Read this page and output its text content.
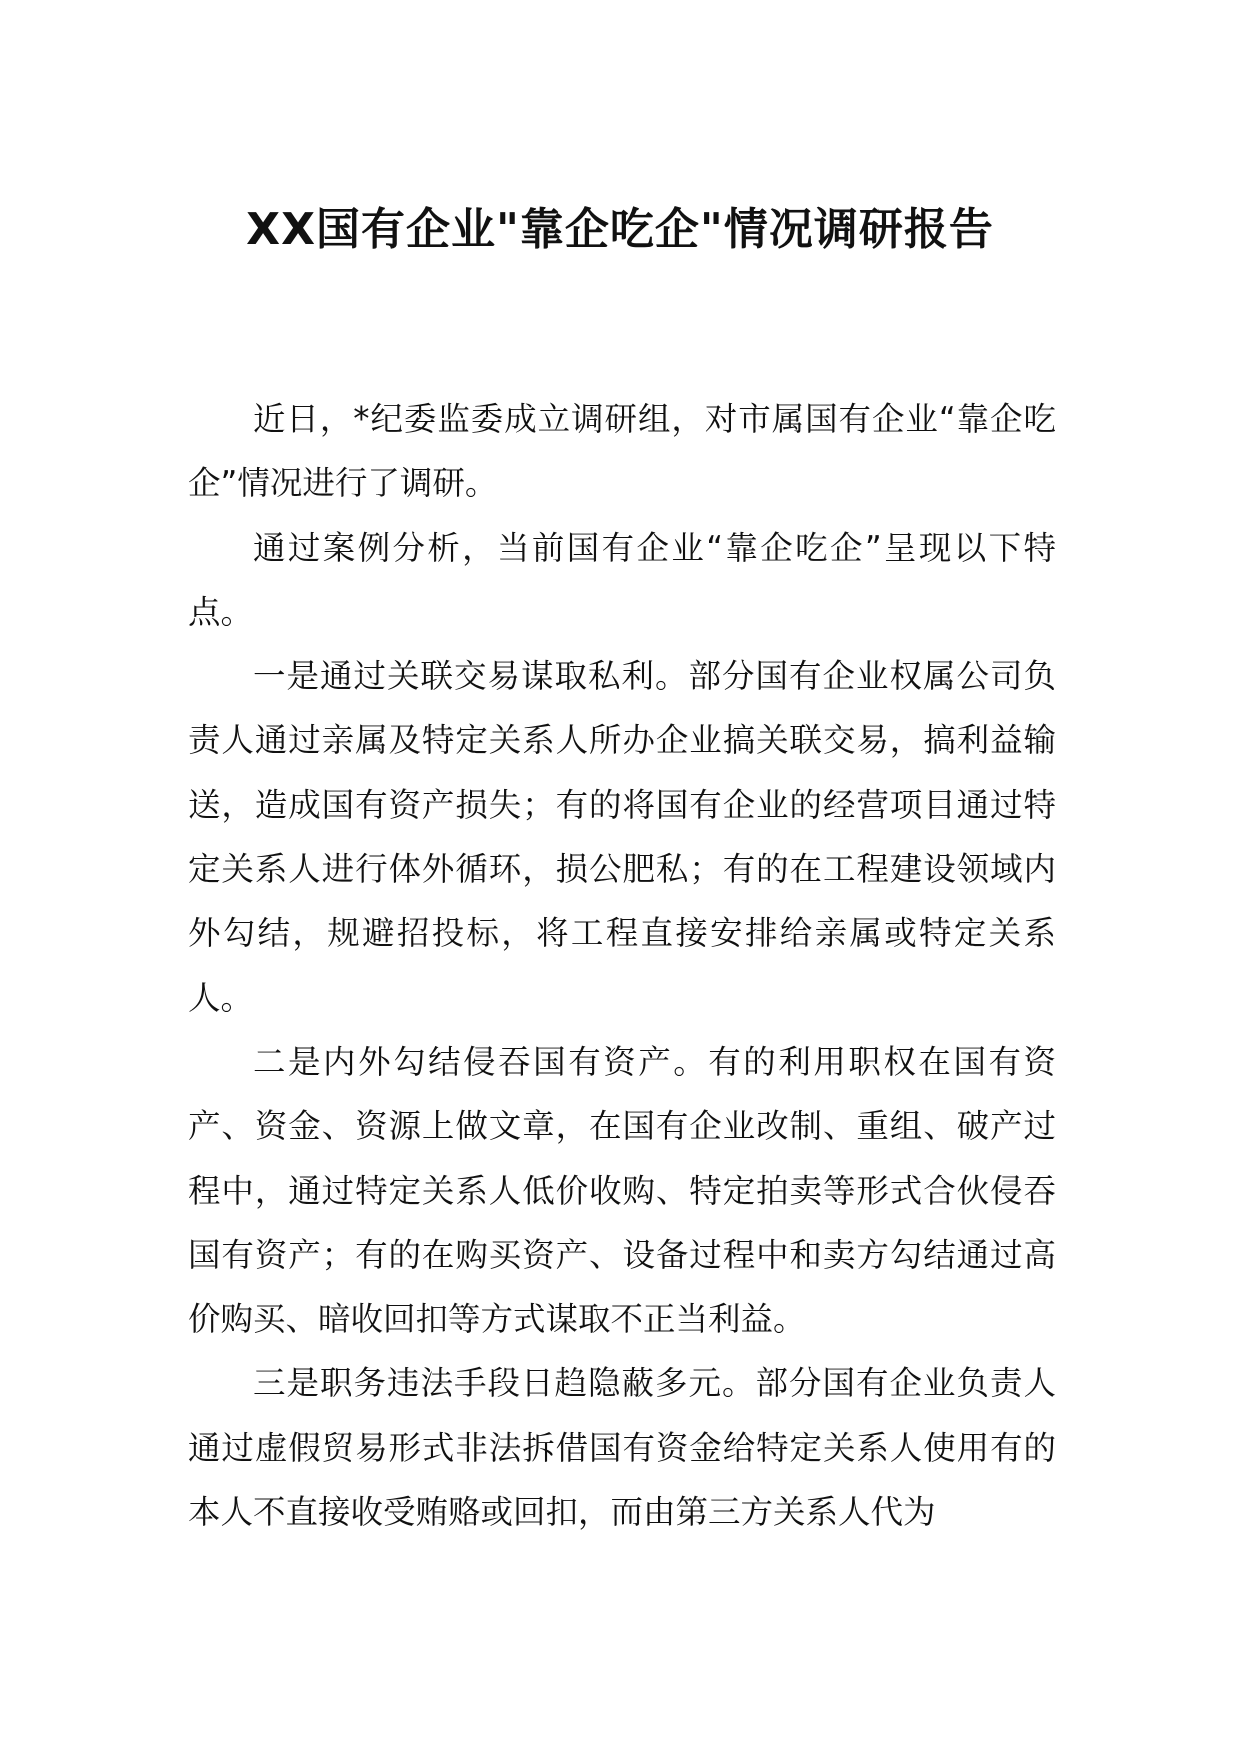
XX国有企业"靠企吃企"情况调研报告

近日，*纪委监委成立调研组，对市属国有企业“靠企吃企”情况进行了调研。

通过案例分析，当前国有企业“靠企吃企”呈现以下特点。

一是通过关联交易谋取私利。部分国有企业权属公司负责人通过亲属及特定关系人所办企业搞关联交易，搞利益输送，造成国有资产损失；有的将国有企业的经营项目通过特定关系人进行体外循环，损公肥私；有的在工程建设领域内外勾结，规避招投标，将工程直接安排给亲属或特定关系人。

二是内外勾结侵吞国有资产。有的利用职权在国有资产、资金、资源上做文章，在国有企业改制、重组、破产过程中，通过特定关系人低价收购、特定拍卖等形式合伙侵吞国有资产；有的在购买资产、设备过程中和卖方勾结通过高价购买、暗收回扣等方式谋取不正当利益。

三是职务违法手段日趋隐蔽多元。部分国有企业负责人通过虚假贸易形式非法拆借国有资金给特定关系人使用有的本人不直接收受贿赂或回扣，而由第三方关系人代为
